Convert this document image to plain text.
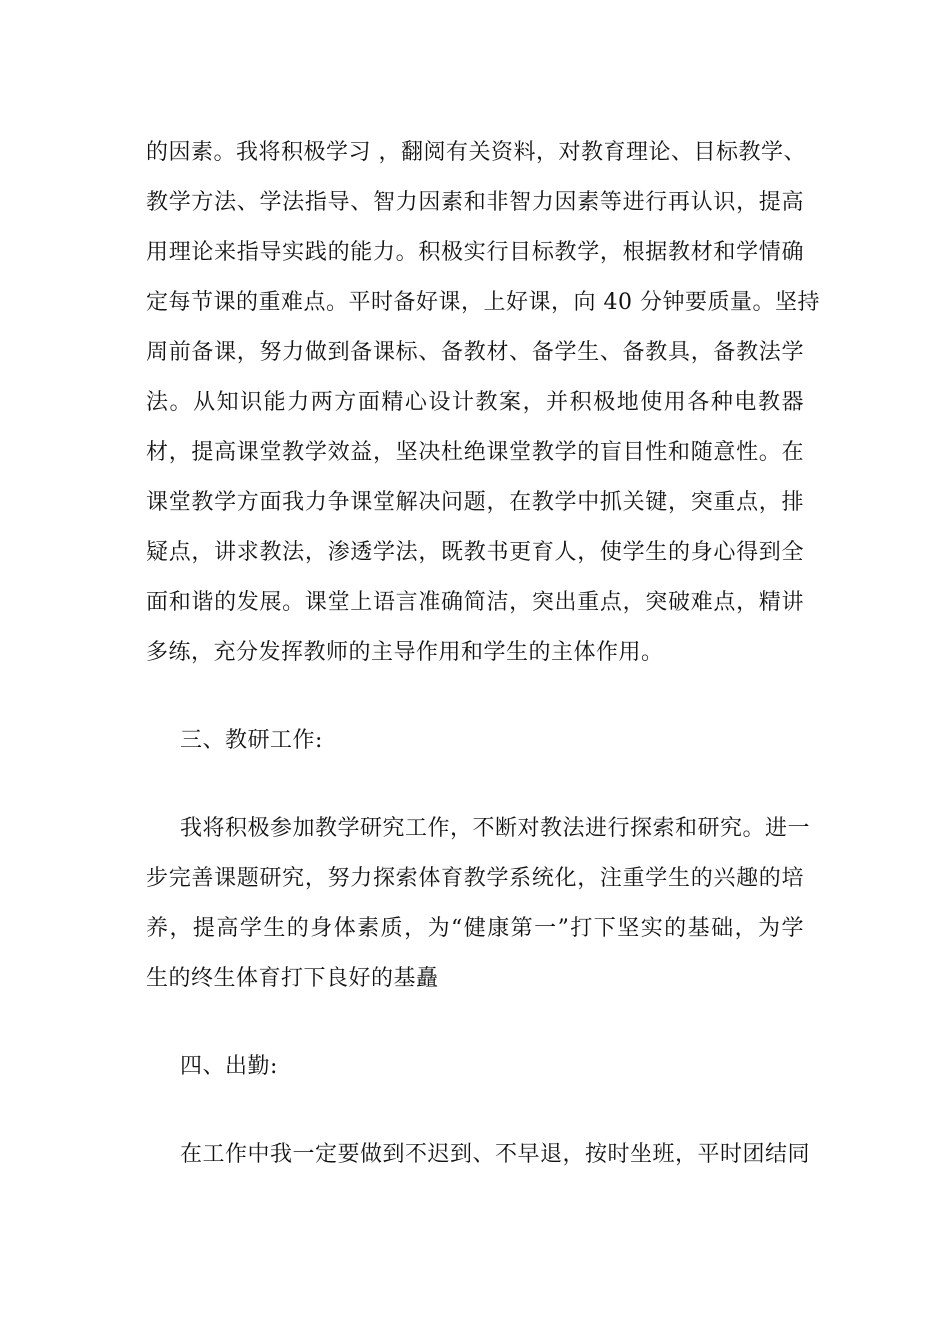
的因素。我将积极学习 ，翻阅有关资料，对教育理论、目标教学、
教学方法、学法指导、智力因素和非智力因素等进行再认识，提高
用理论来指导实践的能力。积极实行目标教学，根据教材和学情确
定每节课的重难点。平时备好课，上好课，向 40 分钟要质量。坚持
周前备课，努力做到备课标、备教材、备学生、备教具，备教法学
法。从知识能力两方面精心设计教案，并积极地使用各种电教器
材，提高课堂教学效益，坚决杜绝课堂教学的盲目性和随意性。在
课堂教学方面我力争课堂解决问题，在教学中抓关键，突重点，排
疑点，讲求教法，渗透学法，既教书更育人，使学生的身心得到全
面和谐的发展。课堂上语言准确简洁，突出重点，突破难点，精讲
多练，充分发挥教师的主导作用和学生的主体作用。
三、教研工作:
我将积极参加教学研究工作，不断对教法进行探索和研究。进一
步完善课题研究，努力探索体育教学系统化，注重学生的兴趣的培
养，提高学生的身体素质，为“健康第一”打下坚实的基础，为学
生的终生体育打下良好的基矗
四、出勤:
在工作中我一定要做到不迟到、不早退，按时坐班，平时团结同
